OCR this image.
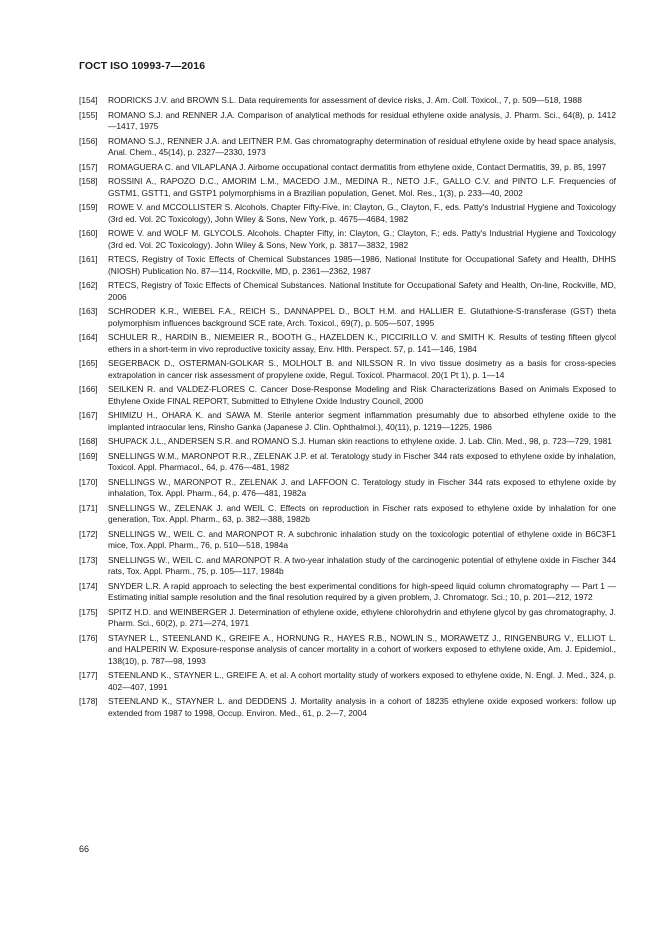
ГОСТ ISO 10993-7—2016
[154]	RODRICKS J.V. and BROWN S.L. Data requirements for assessment of device risks, J. Am. Coll. Toxicol., 7, p. 509—518, 1988
[155]	ROMANO S.J. and RENNER J.A. Comparison of analytical methods for residual ethylene oxide analysis, J. Pharm. Sci., 64(8), p. 1412—1417, 1975
[156]	ROMANO S.J., RENNER J.A. and LEITNER P.M. Gas chromatography determination of residual ethylene oxide by head space analysis, Anal. Chem., 45(14), p. 2327—2330, 1973
[157]	ROMAGUERA C. and VILAPLANA J. Airborne occupational contact dermatitis from ethylene oxide, Contact Dermatitis, 39, p. 85, 1997
[158]	ROSSINI A., RAPOZO D.C., AMORIM L.M., MACEDO J.M., MEDINA R., NETO J.F., GALLO C.V. and PINTO L.F. Frequencies of GSTM1, GSTT1, and GSTP1 polymorphisms in a Brazilian population, Genet. Mol. Res., 1(3), p. 233—40, 2002
[159]	ROWE V. and MCCOLLISTER S. Alcohols. Chapter Fifty-Five, in: Clayton, G., Clayton, F., eds. Patty's Industrial Hygiene and Toxicology (3rd ed. Vol. 2C Toxicology), John Wiley & Sons, New York, p. 4675—4684, 1982
[160]	ROWE V. and WOLF M. GLYCOLS. Alcohols. Chapter Fifty, in: Clayton, G.; Clayton, F.; eds. Patty's Industrial Hygiene and Toxicology (3rd ed. Vol. 2C Toxicology). John Wiley & Sons, New York, p. 3817—3832, 1982
[161]	RTECS, Registry of Toxic Effects of Chemical Substances 1985—1986, National Institute for Occupational Safety and Health, DHHS (NIOSH) Publication No. 87—114, Rockville, MD, p. 2361—2362, 1987
[162]	RTECS, Registry of Toxic Effects of Chemical Substances. National Institute for Occupational Safety and Health, On-line, Rockville, MD, 2006
[163]	SCHRODER K.R., WIEBEL F.A., REICH S., DANNAPPEL D., BOLT H.M. and HALLIER E. Glutathione-S-transferase (GST) theta polymorphism influences background SCE rate, Arch. Toxicol., 69(7), p. 505—507, 1995
[164]	SCHULER R., HARDIN B., NIEMEIER R., BOOTH G., HAZELDEN K., PICCIRILLO V. and SMITH K. Results of testing fifteen glycol ethers in a short-term in vivo reproductive toxicity assay, Env. Hlth. Perspect. 57, p. 141—146, 1984
[165]	SEGERBACK D., OSTERMAN-GOLKAR S., MOLHOLT B. and NILSSON R. In vivo tissue dosimetry as a basis for cross-species extrapolation in cancer risk assessment of propylene oxide, Regul. Toxicol. Pharmacol. 20(1 Pt 1), p. 1—14
[166]	SEILKEN R. and VALDEZ-FLORES C. Cancer Dose-Response Modeling and Risk Characterizations Based on Animals Exposed to Ethylene Oxide FINAL REPORT, Submitted to Ethylene Oxide Industry Council, 2000
[167]	SHIMIZU H., OHARA K. and SAWA M. Sterile anterior segment inflammation presumably due to absorbed ethylene oxide to the implanted intraocular lens, Rinsho Ganka (Japanese J. Clin. Ophthalmol.), 40(11), p. 1219—1225, 1986
[168]	SHUPACK J.L., ANDERSEN S.R. and ROMANO S.J. Human skin reactions to ethylene oxide. J. Lab. Clin. Med., 98, p. 723—729, 1981
[169]	SNELLINGS W.M., MARONPOT R.R., ZELENAK J.P. et al. Teratology study in Fischer 344 rats exposed to ethylene oxide by inhalation, Toxicol. Appl. Pharmacol., 64, p. 476—481, 1982
[170]	SNELLINGS W., MARONPOT R., ZELENAK J. and LAFFOON C. Teratology study in Fischer 344 rats exposed to ethylene oxide by inhalation, Tox. Appl. Pharm., 64, p. 476—481, 1982a
[171]	SNELLINGS W., ZELENAK J. and WEIL C. Effects on reproduction in Fischer rats exposed to ethylene oxide by inhalation for one generation, Tox. Appl. Pharm., 63, p. 382—388, 1982b
[172]	SNELLINGS W., WEIL C. and MARONPOT R. A subchronic inhalation study on the toxicologic potential of ethylene oxide in B6C3F1 mice, Tox. Appl. Pharm., 76, p. 510—518, 1984a
[173]	SNELLINGS W., WEIL C. and MARONPOT R. A two-year inhalation study of the carcinogenic potential of ethylene oxide in Fischer 344 rats, Tox. Appl. Pharm., 75, p. 105—117, 1984b
[174]	SNYDER L.R. A rapid approach to selecting the best experimental conditions for high-speed liquid column chromatography — Part 1 — Estimating initial sample resolution and the final resolution required by a given problem, J. Chromatogr. Sci.; 10, p. 201—212, 1972
[175]	SPITZ H.D. and WEINBERGER J. Determination of ethylene oxide, ethylene chlorohydrin and ethylene glycol by gas chromatography, J. Pharm. Sci., 60(2), p. 271—274, 1971
[176]	STAYNER L., STEENLAND K., GREIFE A., HORNUNG R., HAYES R.B., NOWLIN S., MORAWETZ J., RINGENBURG V., ELLIOT L. and HALPERIN W. Exposure-response analysis of cancer mortality in a cohort of workers exposed to ethylene oxide, Am. J. Epidemiol., 138(10), p. 787—98, 1993
[177]	STEENLAND K., STAYNER L., GREIFE A. et al. A cohort mortality study of workers exposed to ethylene oxide, N. Engl. J. Med., 324, p. 402—407, 1991
[178]	STEENLAND K., STAYNER L. and DEDDENS J. Mortality analysis in a cohort of 18235 ethylene oxide exposed workers: follow up extended from 1987 to 1998, Occup. Environ. Med., 61, p. 2—7, 2004
66
